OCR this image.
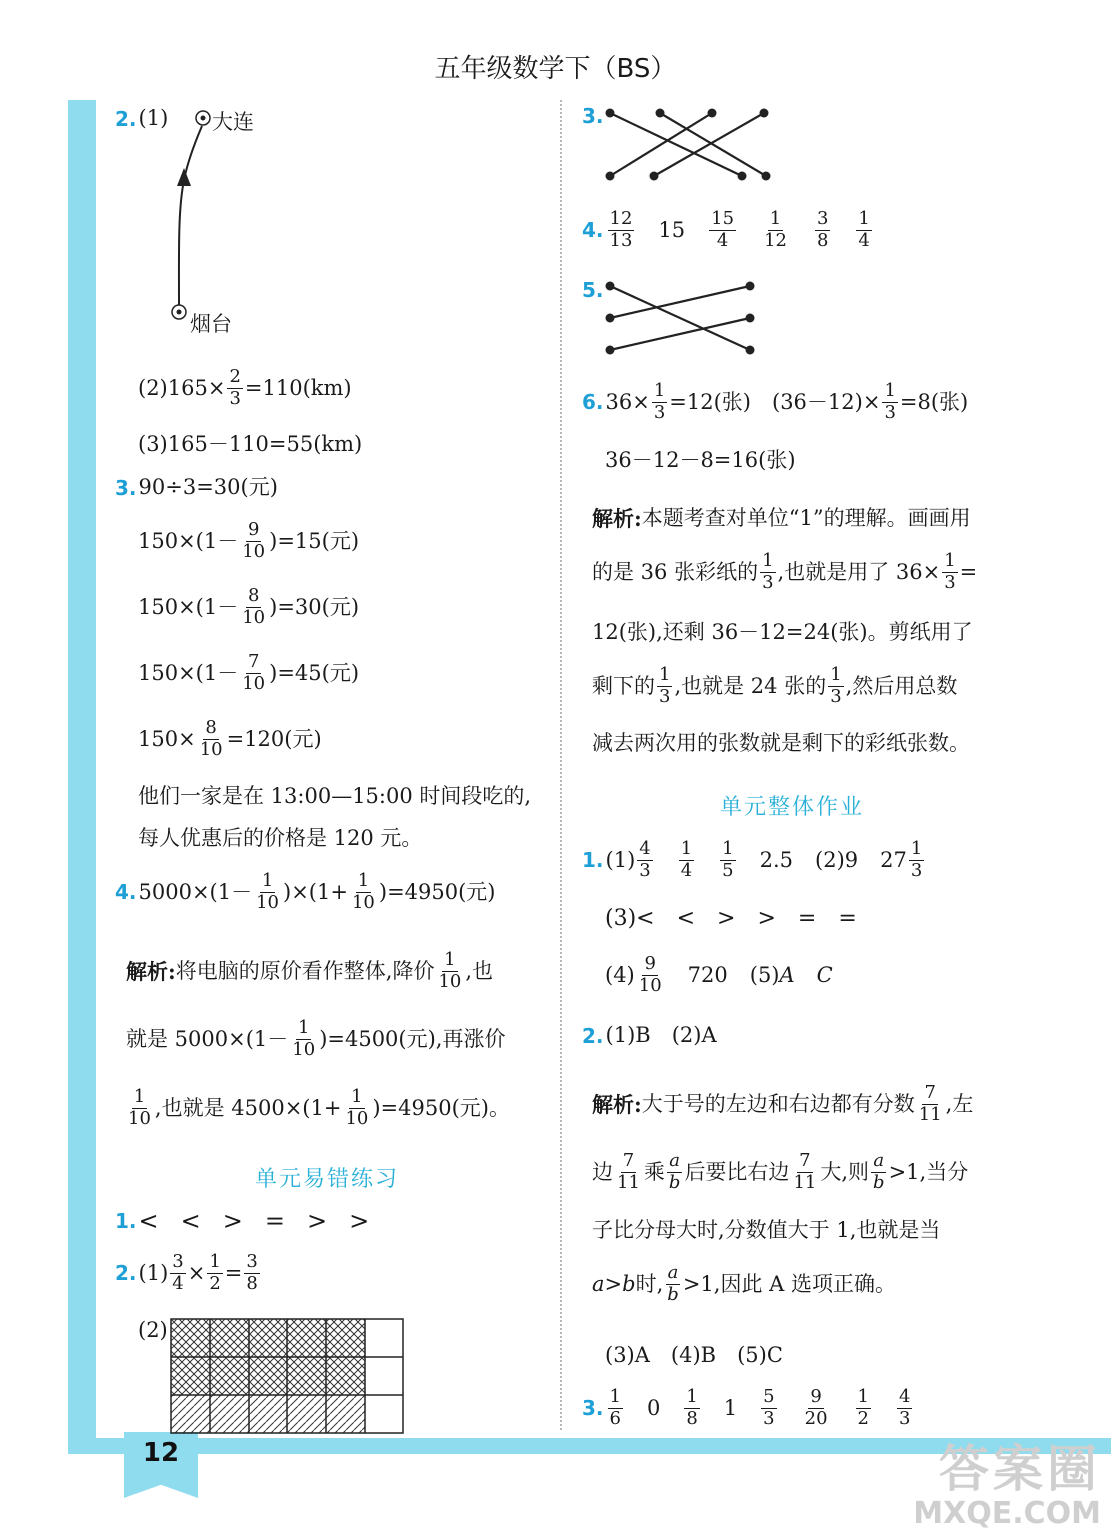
12
五年级数学下（BS）
2. (1) 大连
烟台
$(2)165\times \frac{2}{3} =110(km)$
(3)165－110=55(km)
3. 90÷3=30(元)
$150\times(1- \frac{9}{10} )=15$(元)
$150\times(1- \frac{8}{10} )=30$(元)
$150\times(1- \frac{7}{10} )=45$(元)
$150\times \frac{8}{10} =120$(元)
他们一家是在 13:00—15:00 时间段吃的,
每人优惠后的价格是 120 元。
4. $5000\times(1- \frac{1}{10} )\times(1+ \frac{1}{10} )=4950$(元)
解析: 将电脑的原价看作整体,降价 $\frac{1}{10}$ ,也
就是 $5000\times(1- \frac{1}{10} )=4500$(元),再涨价
$\frac{1}{10}$ ,也就是 $4500\times(1+ \frac{1}{10} )=4950$(元)。
单元易错练习
1. < < > = > >
2. $(1) \frac{3}{4} \times \frac{1}{2} = \frac{3}{8}$
(2)
3.
4. $\frac{12}{13} 15 \frac{15}{4} \frac{1}{12} \frac{3}{8} \frac{1}{4}$
5.
6. $36\times \frac{1}{3} =12$(张)　$(36-12)\times \frac{1}{3} =8$(张)
36－12－8=16(张)
解析: 本题考查对单位“1”的理解。画画用
的是 36 张彩纸的 $\frac{1}{3}$ ,也就是用了 $36\times \frac{1}{3}$ =
12(张),还剩 36－12=24(张)。剪纸用了
剩下的 $\frac{1}{3}$ ,也就是 24 张的 $\frac{1}{3}$ ,然后用总数
减去两次用的张数就是剩下的彩纸张数。
单元整体作业
1. $(1) \frac{4}{3} \frac{1}{4} \frac{1}{5} 2.5$ (2)9 $27 \frac{1}{3}$
(3) < < > > = =
$(4) \frac{9}{10} 720$ (5) A C
2. (1)B　(2)A
解析: 大于号的左边和右边都有分数 $\frac{7}{11}$ ,左
边 $\frac{7}{11}$ 乘 $\frac{a}{b}$ 后要比右边 $\frac{7}{11}$ 大,则 $\frac{a}{b} >1$,当分
子比分母大时,分数值大于 1,也就是当
a > b 时, $\frac{a}{b} >1$,因此 A 选项正确。
(3)A　(4)B　(5)C
3. $\frac{1}{6} 0 \frac{1}{8} 1 \frac{5}{3} \frac{9}{20} \frac{1}{2} \frac{4}{3}$
答案圈
MXQE.COM
